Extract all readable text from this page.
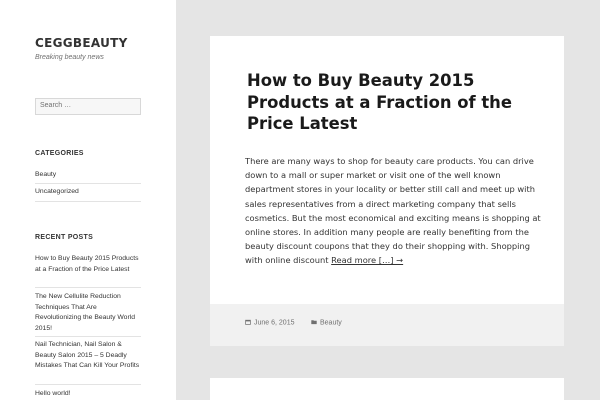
CEGGBEAUTY
Breaking beauty news
Search …
CATEGORIES
Beauty
Uncategorized
RECENT POSTS
How to Buy Beauty 2015 Products at a Fraction of the Price Latest
The New Cellulite Reduction Techniques That Are Revolutionizing the Beauty World 2015!
Nail Technician, Nail Salon & Beauty Salon 2015 – 5 Deadly Mistakes That Can Kill Your Profits
Hello world!
How to Buy Beauty 2015 Products at a Fraction of the Price Latest
There are many ways to shop for beauty care products. You can drive down to a mall or super market or visit one of the well known department stores in your locality or better still call and meet up with sales representatives from a direct marketing company that sells cosmetics. But the most economical and exciting means is shopping at online stores. In addition many people are really benefiting from the beauty discount coupons that they do their shopping with. Shopping with online discount Read more […] →
June 6, 2015	Beauty
